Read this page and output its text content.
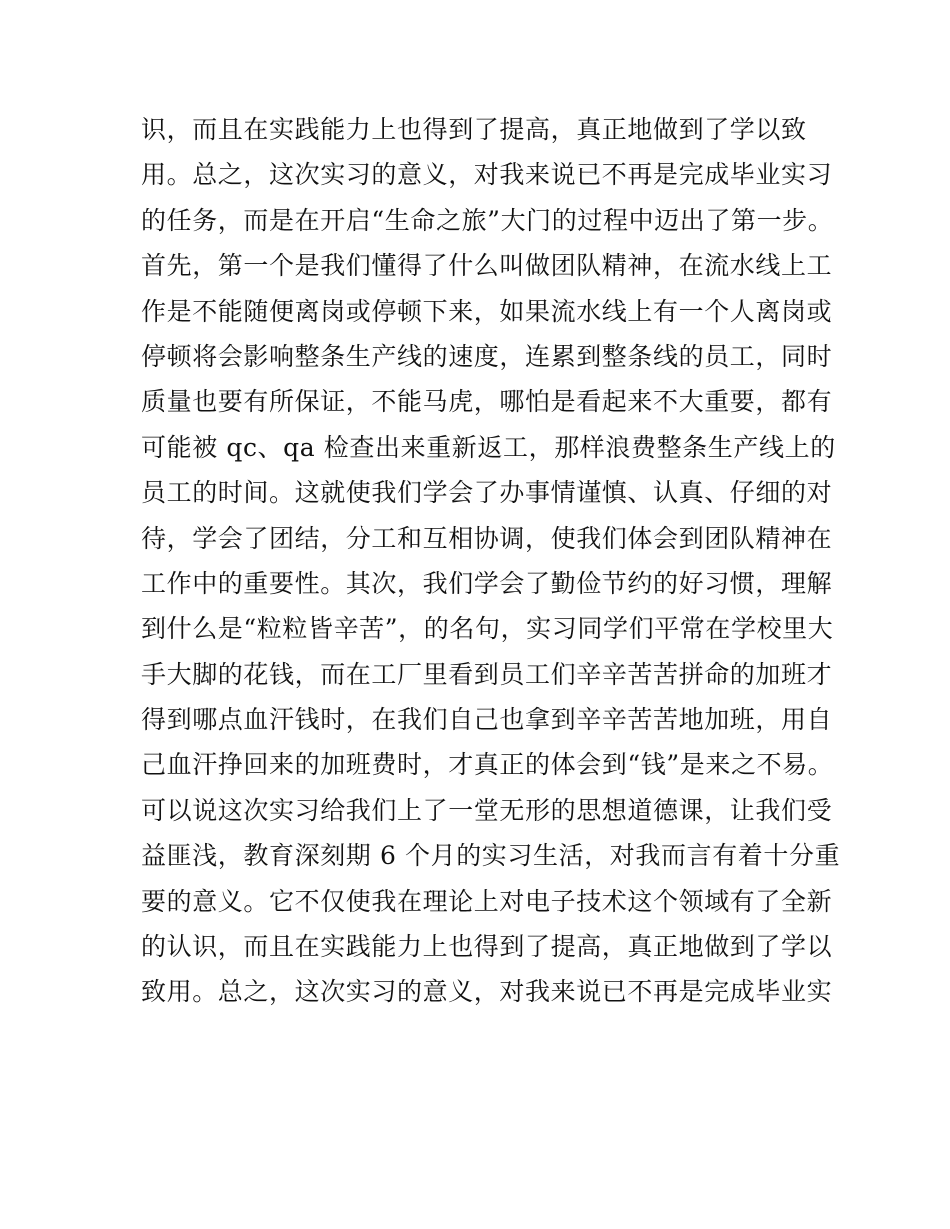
识，而且在实践能力上也得到了提高，真正地做到了学以致
用。总之，这次实习的意义，对我来说已不再是完成毕业实习
的任务，而是在开启“生命之旅”大门的过程中迈出了第一步。
首先，第一个是我们懂得了什么叫做团队精神，在流水线上工
作是不能随便离岗或停顿下来，如果流水线上有一个人离岗或
停顿将会影响整条生产线的速度，连累到整条线的员工，同时
质量也要有所保证，不能马虎，哪怕是看起来不大重要，都有
可能被 qc、qa 检查出来重新返工，那样浪费整条生产线上的
员工的时间。这就使我们学会了办事情谨慎、认真、仔细的对
待，学会了团结，分工和互相协调，使我们体会到团队精神在
工作中的重要性。其次，我们学会了勤俭节约的好习惯，理解
到什么是“粒粒皆辛苦”，的名句，实习同学们平常在学校里大
手大脚的花钱，而在工厂里看到员工们辛辛苦苦拼命的加班才
得到哪点血汗钱时，在我们自己也拿到辛辛苦苦地加班，用自
己血汗挣回来的加班费时，才真正的体会到“钱”是来之不易。
可以说这次实习给我们上了一堂无形的思想道德课，让我们受
益匪浅，教育深刻期 6 个月的实习生活，对我而言有着十分重
要的意义。它不仅使我在理论上对电子技术这个领域有了全新
的认识，而且在实践能力上也得到了提高，真正地做到了学以
致用。总之，这次实习的意义，对我来说已不再是完成毕业实
